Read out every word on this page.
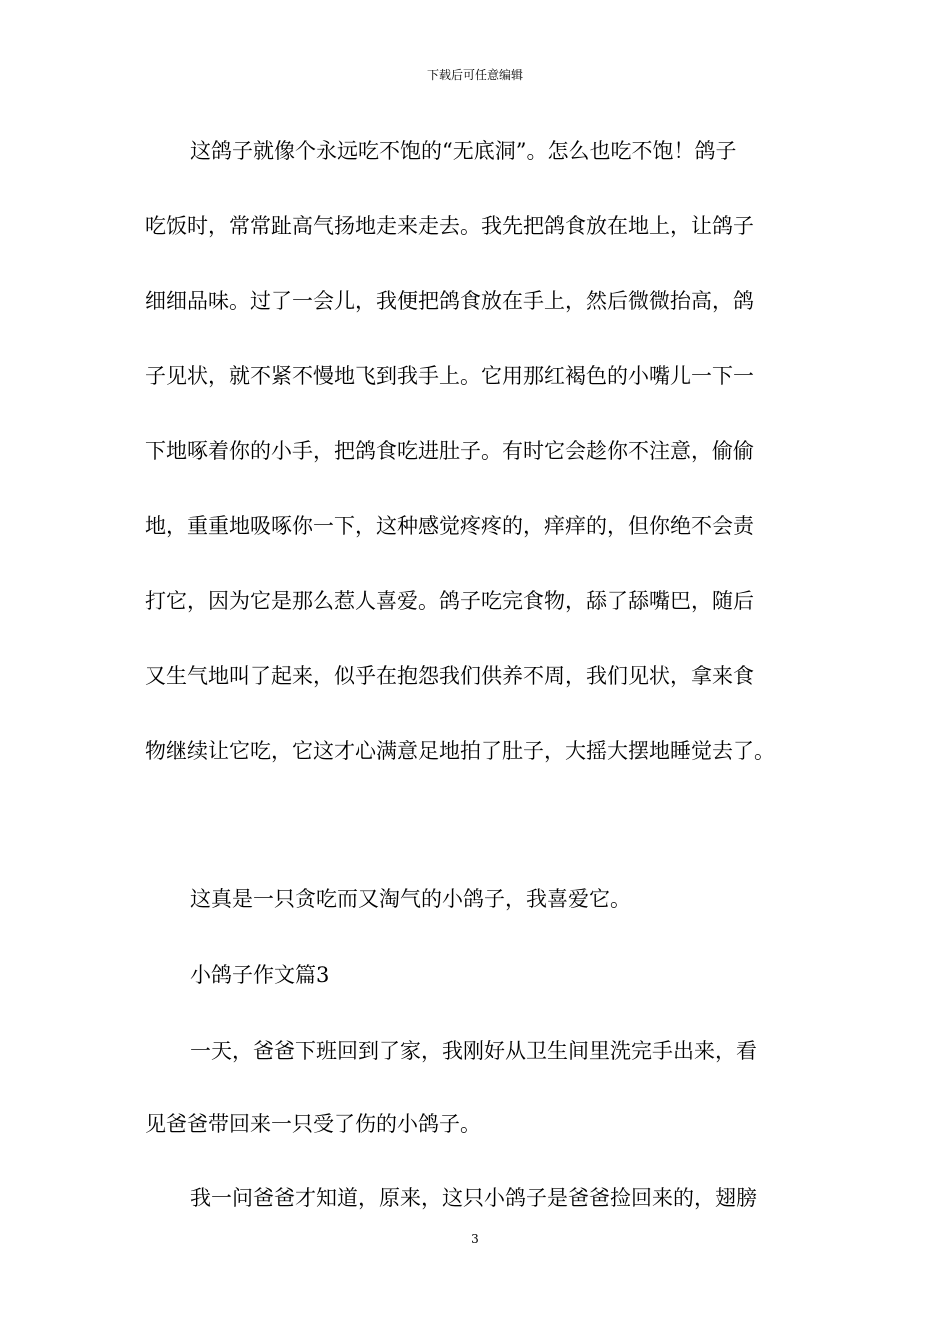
下载后可任意编辑
这鸽子就像个永远吃不饱的“无底洞”。怎么也吃不饱！鸽子
吃饭时，常常趾高气扬地走来走去。我先把鸽食放在地上，让鸽子
细细品味。过了一会儿，我便把鸽食放在手上，然后微微抬高，鸽
子见状，就不紧不慢地飞到我手上。它用那红褐色的小嘴儿一下一
下地啄着你的小手，把鸽食吃进肚子。有时它会趁你不注意，偷偷
地，重重地吸啄你一下，这种感觉疼疼的，痒痒的，但你绝不会责
打它，因为它是那么惹人喜爱。鸽子吃完食物，舔了舔嘴巴，随后
又生气地叫了起来，似乎在抱怨我们供养不周，我们见状，拿来食
物继续让它吃，它这才心满意足地拍了肚子，大摇大摆地睡觉去了。
这真是一只贪吃而又淘气的小鸽子，我喜爱它。
小鸽子作文篇3
一天，爸爸下班回到了家，我刚好从卫生间里洗完手出来，看
见爸爸带回来一只受了伤的小鸽子。
我一问爸爸才知道，原来，这只小鸽子是爸爸捡回来的，翅膀
3
